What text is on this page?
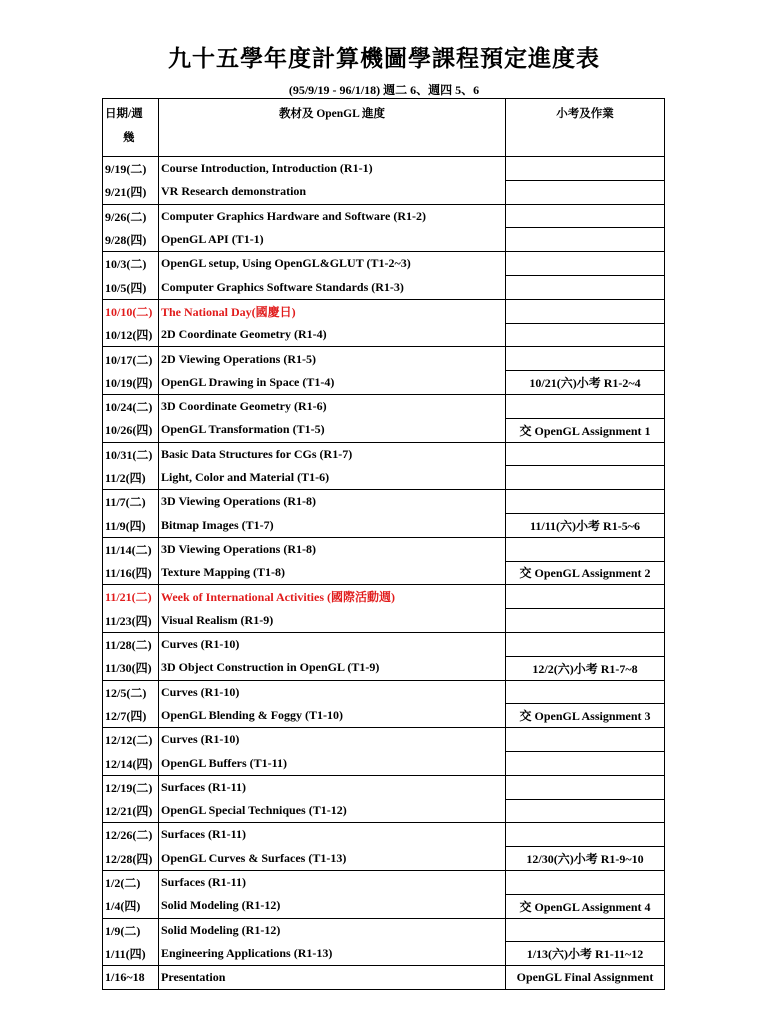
九十五學年度計算機圖學課程預定進度表
(95/9/19 - 96/1/18) 週二 6、週四 5、6
日期/週
幾	教材及 OpenGL 進度	小考及作業
9/19(二)	Course Introduction, Introduction (R1-1)	
9/21(四)	VR Research demonstration	
9/26(二)	Computer Graphics Hardware and Software (R1-2)	
9/28(四)	OpenGL API (T1-1)	
10/3(二)	OpenGL setup, Using OpenGL&GLUT (T1-2~3)	
10/5(四)	Computer Graphics Software Standards (R1-3)	
10/10(二)	The National Day(國慶日)	
10/12(四)	2D Coordinate Geometry (R1-4)	
10/17(二)	2D Viewing Operations (R1-5)	
10/19(四)	OpenGL Drawing in Space (T1-4)	10/21(六)小考 R1-2~4
10/24(二)	3D Coordinate Geometry (R1-6)	
10/26(四)	OpenGL Transformation (T1-5)	交 OpenGL Assignment 1
10/31(二)	Basic Data Structures for CGs (R1-7)	
11/2(四)	Light, Color and Material (T1-6)	
11/7(二)	3D Viewing Operations (R1-8)	
11/9(四)	Bitmap Images (T1-7)	11/11(六)小考 R1-5~6
11/14(二)	3D Viewing Operations (R1-8)	
11/16(四)	Texture Mapping (T1-8)	交 OpenGL Assignment 2
11/21(二)	Week of International Activities (國際活動週)	
11/23(四)	Visual Realism (R1-9)	
11/28(二)	Curves (R1-10)	
11/30(四)	3D Object Construction in OpenGL (T1-9)	12/2(六)小考 R1-7~8
12/5(二)	Curves (R1-10)	
12/7(四)	OpenGL Blending & Foggy (T1-10)	交 OpenGL Assignment 3
12/12(二)	Curves (R1-10)	
12/14(四)	OpenGL Buffers (T1-11)	
12/19(二)	Surfaces (R1-11)	
12/21(四)	OpenGL Special Techniques (T1-12)	
12/26(二)	Surfaces (R1-11)	
12/28(四)	OpenGL Curves & Surfaces (T1-13)	12/30(六)小考 R1-9~10
1/2(二)	Surfaces (R1-11)	
1/4(四)	Solid Modeling (R1-12)	交 OpenGL Assignment 4
1/9(二)	Solid Modeling (R1-12)	
1/11(四)	Engineering Applications (R1-13)	1/13(六)小考 R1-11~12
1/16~18	Presentation	OpenGL Final Assignment
